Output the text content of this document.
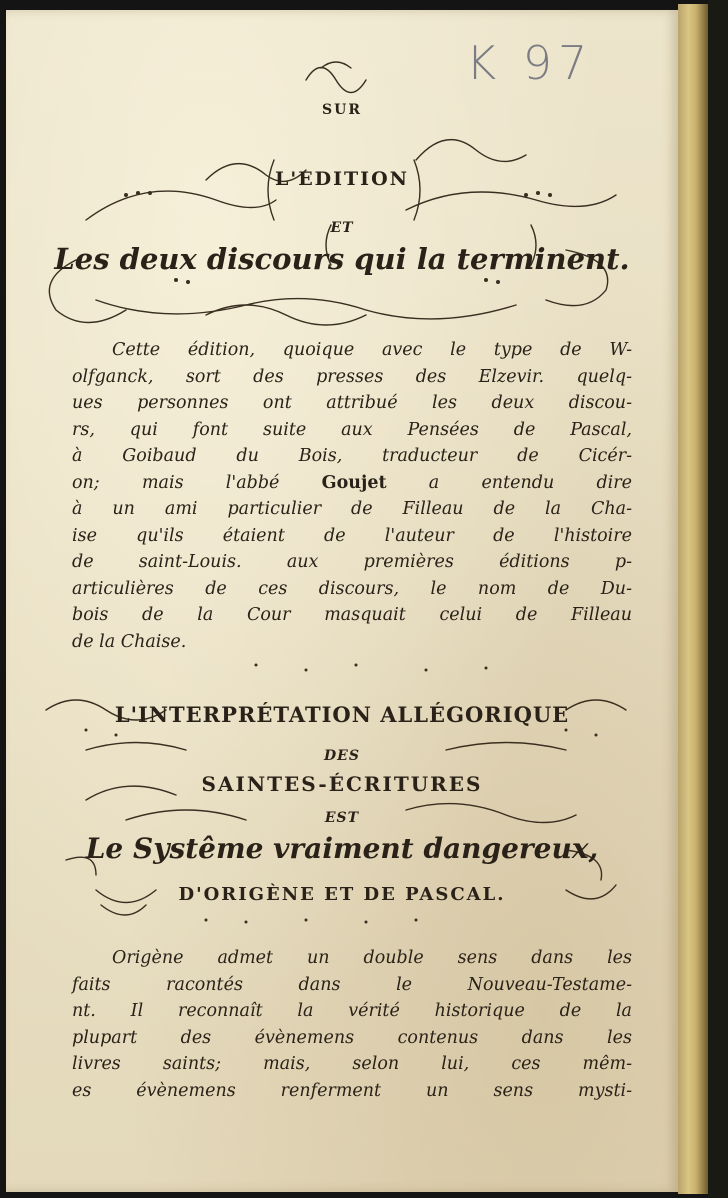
K 97
SUR
L'EDITION
ET
Les deux discours qui la terminent.
Cette édition, quoique avec le type de W-
olfganck, sort des presses des Elzevir. quelq-
ues personnes ont attribué les deux discou-
rs, qui font suite aux Pensées de Pascal,
à Goibaud du Bois, traducteur de Cicér-
on; mais l'abbé Goujet a entendu dire
à un ami particulier de Filleau de la Cha-
ise qu'ils étaient de l'auteur de l'histoire
de saint-Louis. aux premières éditions p-
articulières de ces discours, le nom de Du-
bois de la Cour masquait celui de Filleau
de la Chaise.
L'INTERPRÉTATION ALLÉGORIQUE
DES
SAINTES-ÉCRITURES
EST
Le Systême vraiment dangereux,
D'ORIGÈNE ET DE PASCAL.
Origène admet un double sens dans les
faits racontés dans le Nouveau-Testame-
nt. Il reconnaît la vérité historique de la
plupart des évènemens contenus dans les
livres saints; mais, selon lui, ces mêm-
es évènemens renferment un sens mysti-
